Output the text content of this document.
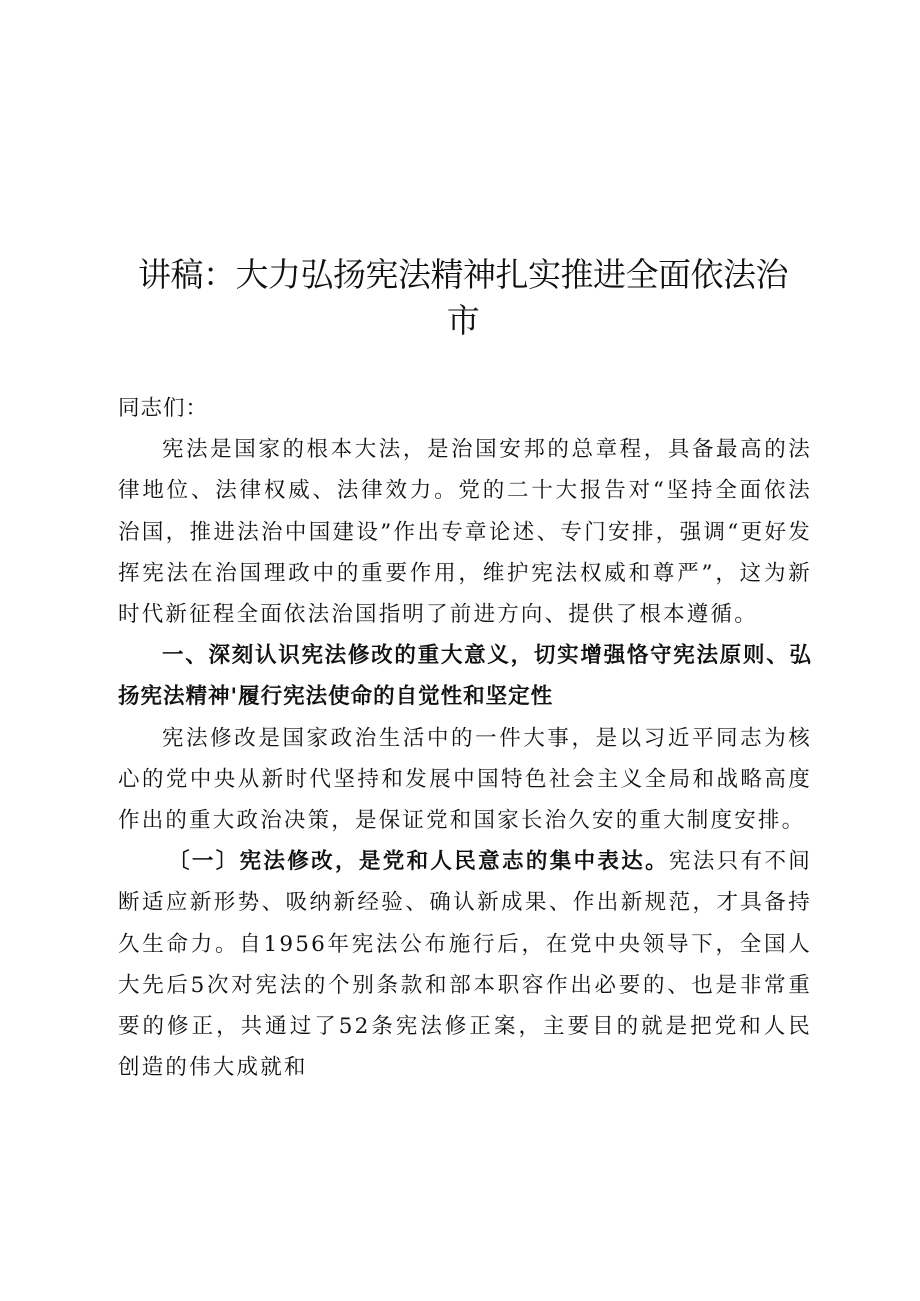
讲稿：大力弘扬宪法精神扎实推进全面依法治
市

同志们：

宪法是国家的根本大法，是治国安邦的总章程，具备最高的法律地位、法律权威、法律效力。党的二十大报告对“坚持全面依法治国，推进法治中国建设”作出专章论述、专门安排，强调“更好发挥宪法在治国理政中的重要作用，维护宪法权威和尊严”，这为新时代新征程全面依法治国指明了前进方向、提供了根本遵循。

一、深刻认识宪法修改的重大意义，切实增强恪守宪法原则、弘扬宪法精神'履行宪法使命的自觉性和坚定性

宪法修改是国家政治生活中的一件大事，是以习近平同志为核心的党中央从新时代坚持和发展中国特色社会主义全局和战略高度作出的重大政治决策，是保证党和国家长治久安的重大制度安排。

〔一〕宪法修改，是党和人民意志的集中表达。宪法只有不间断适应新形势、吸纳新经验、确认新成果、作出新规范，才具备持久生命力。自1956年宪法公布施行后，在党中央领导下，全国人大先后5次对宪法的个别条款和部本职容作出必要的、也是非常重要的修正，共通过了52条宪法修正案，主要目的就是把党和人民创造的伟大成就和
